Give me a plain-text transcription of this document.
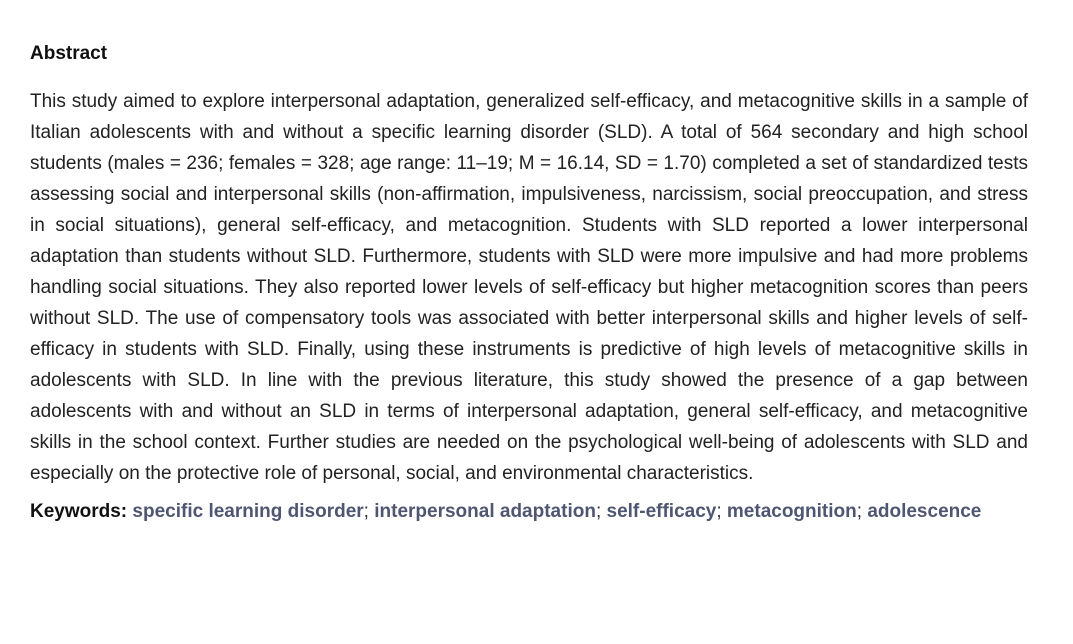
Abstract

This study aimed to explore interpersonal adaptation, generalized self-efficacy, and metacognitive skills in a sample of Italian adolescents with and without a specific learning disorder (SLD). A total of 564 secondary and high school students (males = 236; females = 328; age range: 11–19; M = 16.14, SD = 1.70) completed a set of standardized tests assessing social and interpersonal skills (non-affirmation, impulsiveness, narcissism, social preoccupation, and stress in social situations), general self-efficacy, and metacognition. Students with SLD reported a lower interpersonal adaptation than students without SLD. Furthermore, students with SLD were more impulsive and had more problems handling social situations. They also reported lower levels of self-efficacy but higher metacognition scores than peers without SLD. The use of compensatory tools was associated with better interpersonal skills and higher levels of self-efficacy in students with SLD. Finally, using these instruments is predictive of high levels of metacognitive skills in adolescents with SLD. In line with the previous literature, this study showed the presence of a gap between adolescents with and without an SLD in terms of interpersonal adaptation, general self-efficacy, and metacognitive skills in the school context. Further studies are needed on the psychological well-being of adolescents with SLD and especially on the protective role of personal, social, and environmental characteristics.

Keywords: specific learning disorder; interpersonal adaptation; self-efficacy; metacognition; adolescence
